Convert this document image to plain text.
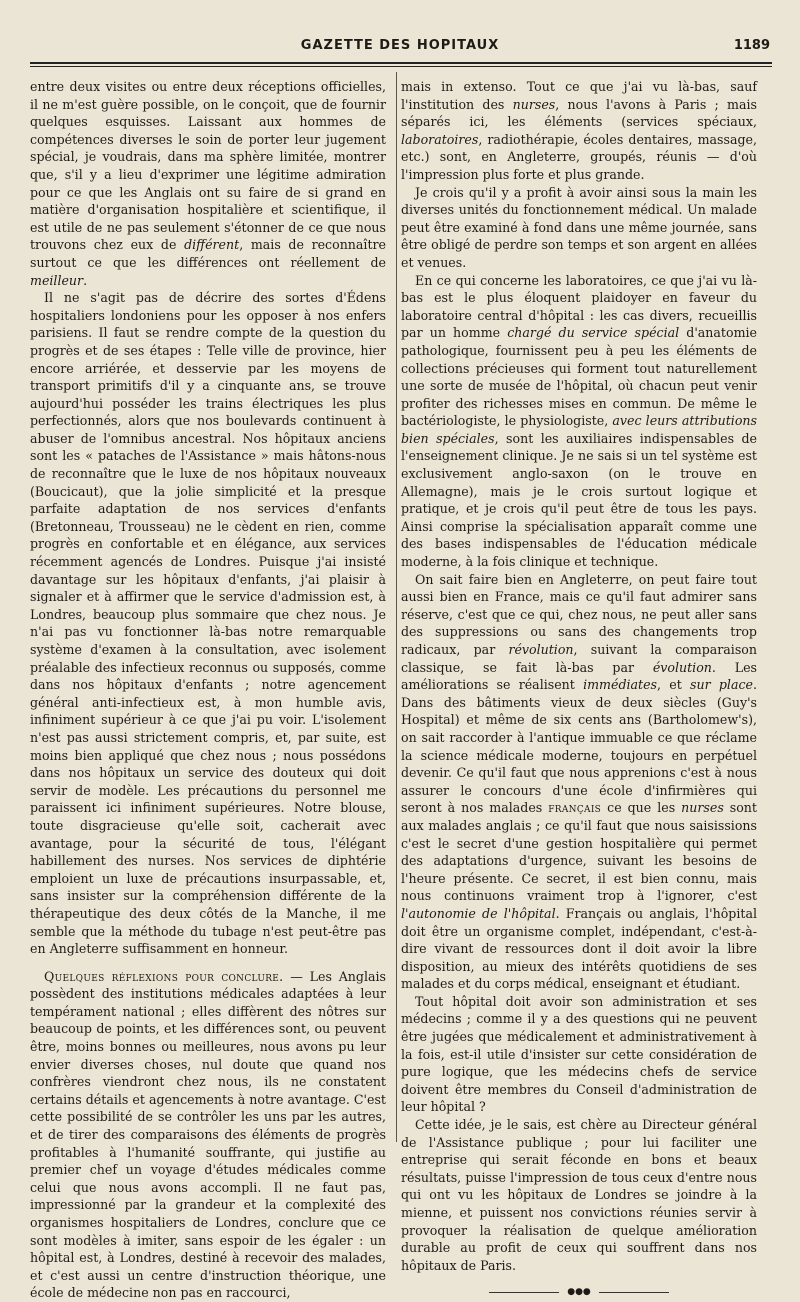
GAZETTE DES HOPITAUX	1189

entre deux visites ou entre deux réceptions officielles, il ne m'est guère possible, on le conçoit, que de fournir quelques esquisses. Laissant aux hommes de compétences diverses le soin de porter leur jugement spécial, je voudrais, dans ma sphère limitée, montrer que, s'il y a lieu d'exprimer une légitime admiration pour ce que les Anglais ont su faire de si grand en matière d'organisation hospitalière et scientifique, il est utile de ne pas seulement s'étonner de ce que nous trouvons chez eux de différent, mais de reconnaître surtout ce que les différences ont réellement de meilleur.

Il ne s'agit pas de décrire des sortes d'Édens hospitaliers londoniens pour les opposer à nos enfers parisiens. Il faut se rendre compte de la question du progrès et de ses étapes : Telle ville de province, hier encore arriérée, et desservie par les moyens de transport primitifs d'il y a cinquante ans, se trouve aujourd'hui posséder les trains électriques les plus perfectionnés, alors que nos boulevards continuent à abuser de l'omnibus ancestral. Nos hôpitaux anciens sont les « pataches de l'Assistance » mais hâtons-nous de reconnaître que le luxe de nos hôpitaux nouveaux (Boucicaut), que la jolie simplicité et la presque parfaite adaptation de nos services d'enfants (Bretonneau, Trousseau) ne le cèdent en rien, comme progrès en confortable et en élégance, aux services récemment agencés de Londres. Puisque j'ai insisté davantage sur les hôpitaux d'enfants, j'ai plaisir à signaler et à affirmer que le service d'admission est, à Londres, beaucoup plus sommaire que chez nous. Je n'ai pas vu fonctionner là-bas notre remarquable système d'examen à la consultation, avec isolement préalable des infectieux reconnus ou supposés, comme dans nos hôpitaux d'enfants ; notre agencement général anti-infectieux est, à mon humble avis, infiniment supérieur à ce que j'ai pu voir. L'isolement n'est pas aussi strictement compris, et, par suite, est moins bien appliqué que chez nous ; nous possédons dans nos hôpitaux un service des douteux qui doit servir de modèle. Les précautions du personnel me paraissent ici infiniment supérieures. Notre blouse, toute disgracieuse qu'elle soit, cacherait avec avantage, pour la sécurité de tous, l'élégant habillement des nurses. Nos services de diphtérie emploient un luxe de précautions insurpassable, et, sans insister sur la compréhension différente de la thérapeutique des deux côtés de la Manche, il me semble que la méthode du tubage n'est peut-être pas en Angleterre suffisamment en honneur.

Quelques réflexions pour conclure. — Les Anglais possèdent des institutions médicales adaptées à leur tempérament national ; elles diffèrent des nôtres sur beaucoup de points, et les différences sont, ou peuvent être, moins bonnes ou meilleures, nous avons pu leur envier diverses choses, nul doute que quand nos confrères viendront chez nous, ils ne constatent certains détails et agencements à notre avantage. C'est cette possibilité de se contrôler les uns par les autres, et de tirer des comparaisons des éléments de progrès profitables à l'humanité souffrante, qui justifie au premier chef un voyage d'études médicales comme celui que nous avons accompli. Il ne faut pas, impressionné par la grandeur et la complexité des organismes hospitaliers de Londres, conclure que ce sont modèles à imiter, sans espoir de les égaler : un hôpital est, à Londres, destiné à recevoir des malades, et c'est aussi un centre d'instruction théorique, une école de médecine non pas en raccourci,

mais in extenso. Tout ce que j'ai vu là-bas, sauf l'institution des nurses, nous l'avons à Paris ; mais séparés ici, les éléments (services spéciaux, laboratoires, radiothérapie, écoles dentaires, massage, etc.) sont, en Angleterre, groupés, réunis — d'où l'impression plus forte et plus grande.

Je crois qu'il y a profit à avoir ainsi sous la main les diverses unités du fonctionnement médical. Un malade peut être examiné à fond dans une même journée, sans être obligé de perdre son temps et son argent en allées et venues.

En ce qui concerne les laboratoires, ce que j'ai vu là-bas est le plus éloquent plaidoyer en faveur du laboratoire central d'hôpital : les cas divers, recueillis par un homme chargé du service spécial d'anatomie pathologique, fournissent peu à peu les éléments de collections précieuses qui forment tout naturellement une sorte de musée de l'hôpital, où chacun peut venir profiter des richesses mises en commun. De même le bactériologiste, le physiologiste, avec leurs attributions bien spéciales, sont les auxiliaires indispensables de l'enseignement clinique. Je ne sais si un tel système est exclusivement anglo-saxon (on le trouve en Allemagne), mais je le crois surtout logique et pratique, et je crois qu'il peut être de tous les pays. Ainsi comprise la spécialisation apparaît comme une des bases indispensables de l'éducation médicale moderne, à la fois clinique et technique.

On sait faire bien en Angleterre, on peut faire tout aussi bien en France, mais ce qu'il faut admirer sans réserve, c'est que ce qui, chez nous, ne peut aller sans des suppressions ou sans des changements trop radicaux, par révolution, suivant la comparaison classique, se fait là-bas par évolution. Les améliorations se réalisent immédiates, et sur place. Dans des bâtiments vieux de deux siècles (Guy's Hospital) et même de six cents ans (Bartholomew's), on sait raccorder à l'antique immuable ce que réclame la science médicale moderne, toujours en perpétuel devenir. Ce qu'il faut que nous apprenions c'est à nous assurer le concours d'une école d'infirmières qui seront à nos malades français ce que les nurses sont aux malades anglais ; ce qu'il faut que nous saisissions c'est le secret d'une gestion hospitalière qui permet des adaptations d'urgence, suivant les besoins de l'heure présente. Ce secret, il est bien connu, mais nous continuons vraiment trop à l'ignorer, c'est l'autonomie de l'hôpital. Français ou anglais, l'hôpital doit être un organisme complet, indépendant, c'est-à-dire vivant de ressources dont il doit avoir la libre disposition, au mieux des intérêts quotidiens de ses malades et du corps médical, enseignant et étudiant.

Tout hôpital doit avoir son administration et ses médecins ; comme il y a des questions qui ne peuvent être jugées que médicalement et administrativement à la fois, est-il utile d'insister sur cette considération de pure logique, que les médecins chefs de service doivent être membres du Conseil d'administration de leur hôpital ?

Cette idée, je le sais, est chère au Directeur général de l'Assistance publique ; pour lui faciliter une entreprise qui serait féconde en bons et beaux résultats, puisse l'impression de tous ceux d'entre nous qui ont vu les hôpitaux de Londres se joindre à la mienne, et puissent nos convictions réunies servir à provoquer la réalisation de quelque amélioration durable au profit de ceux qui souffrent dans nos hôpitaux de Paris.

●●●
